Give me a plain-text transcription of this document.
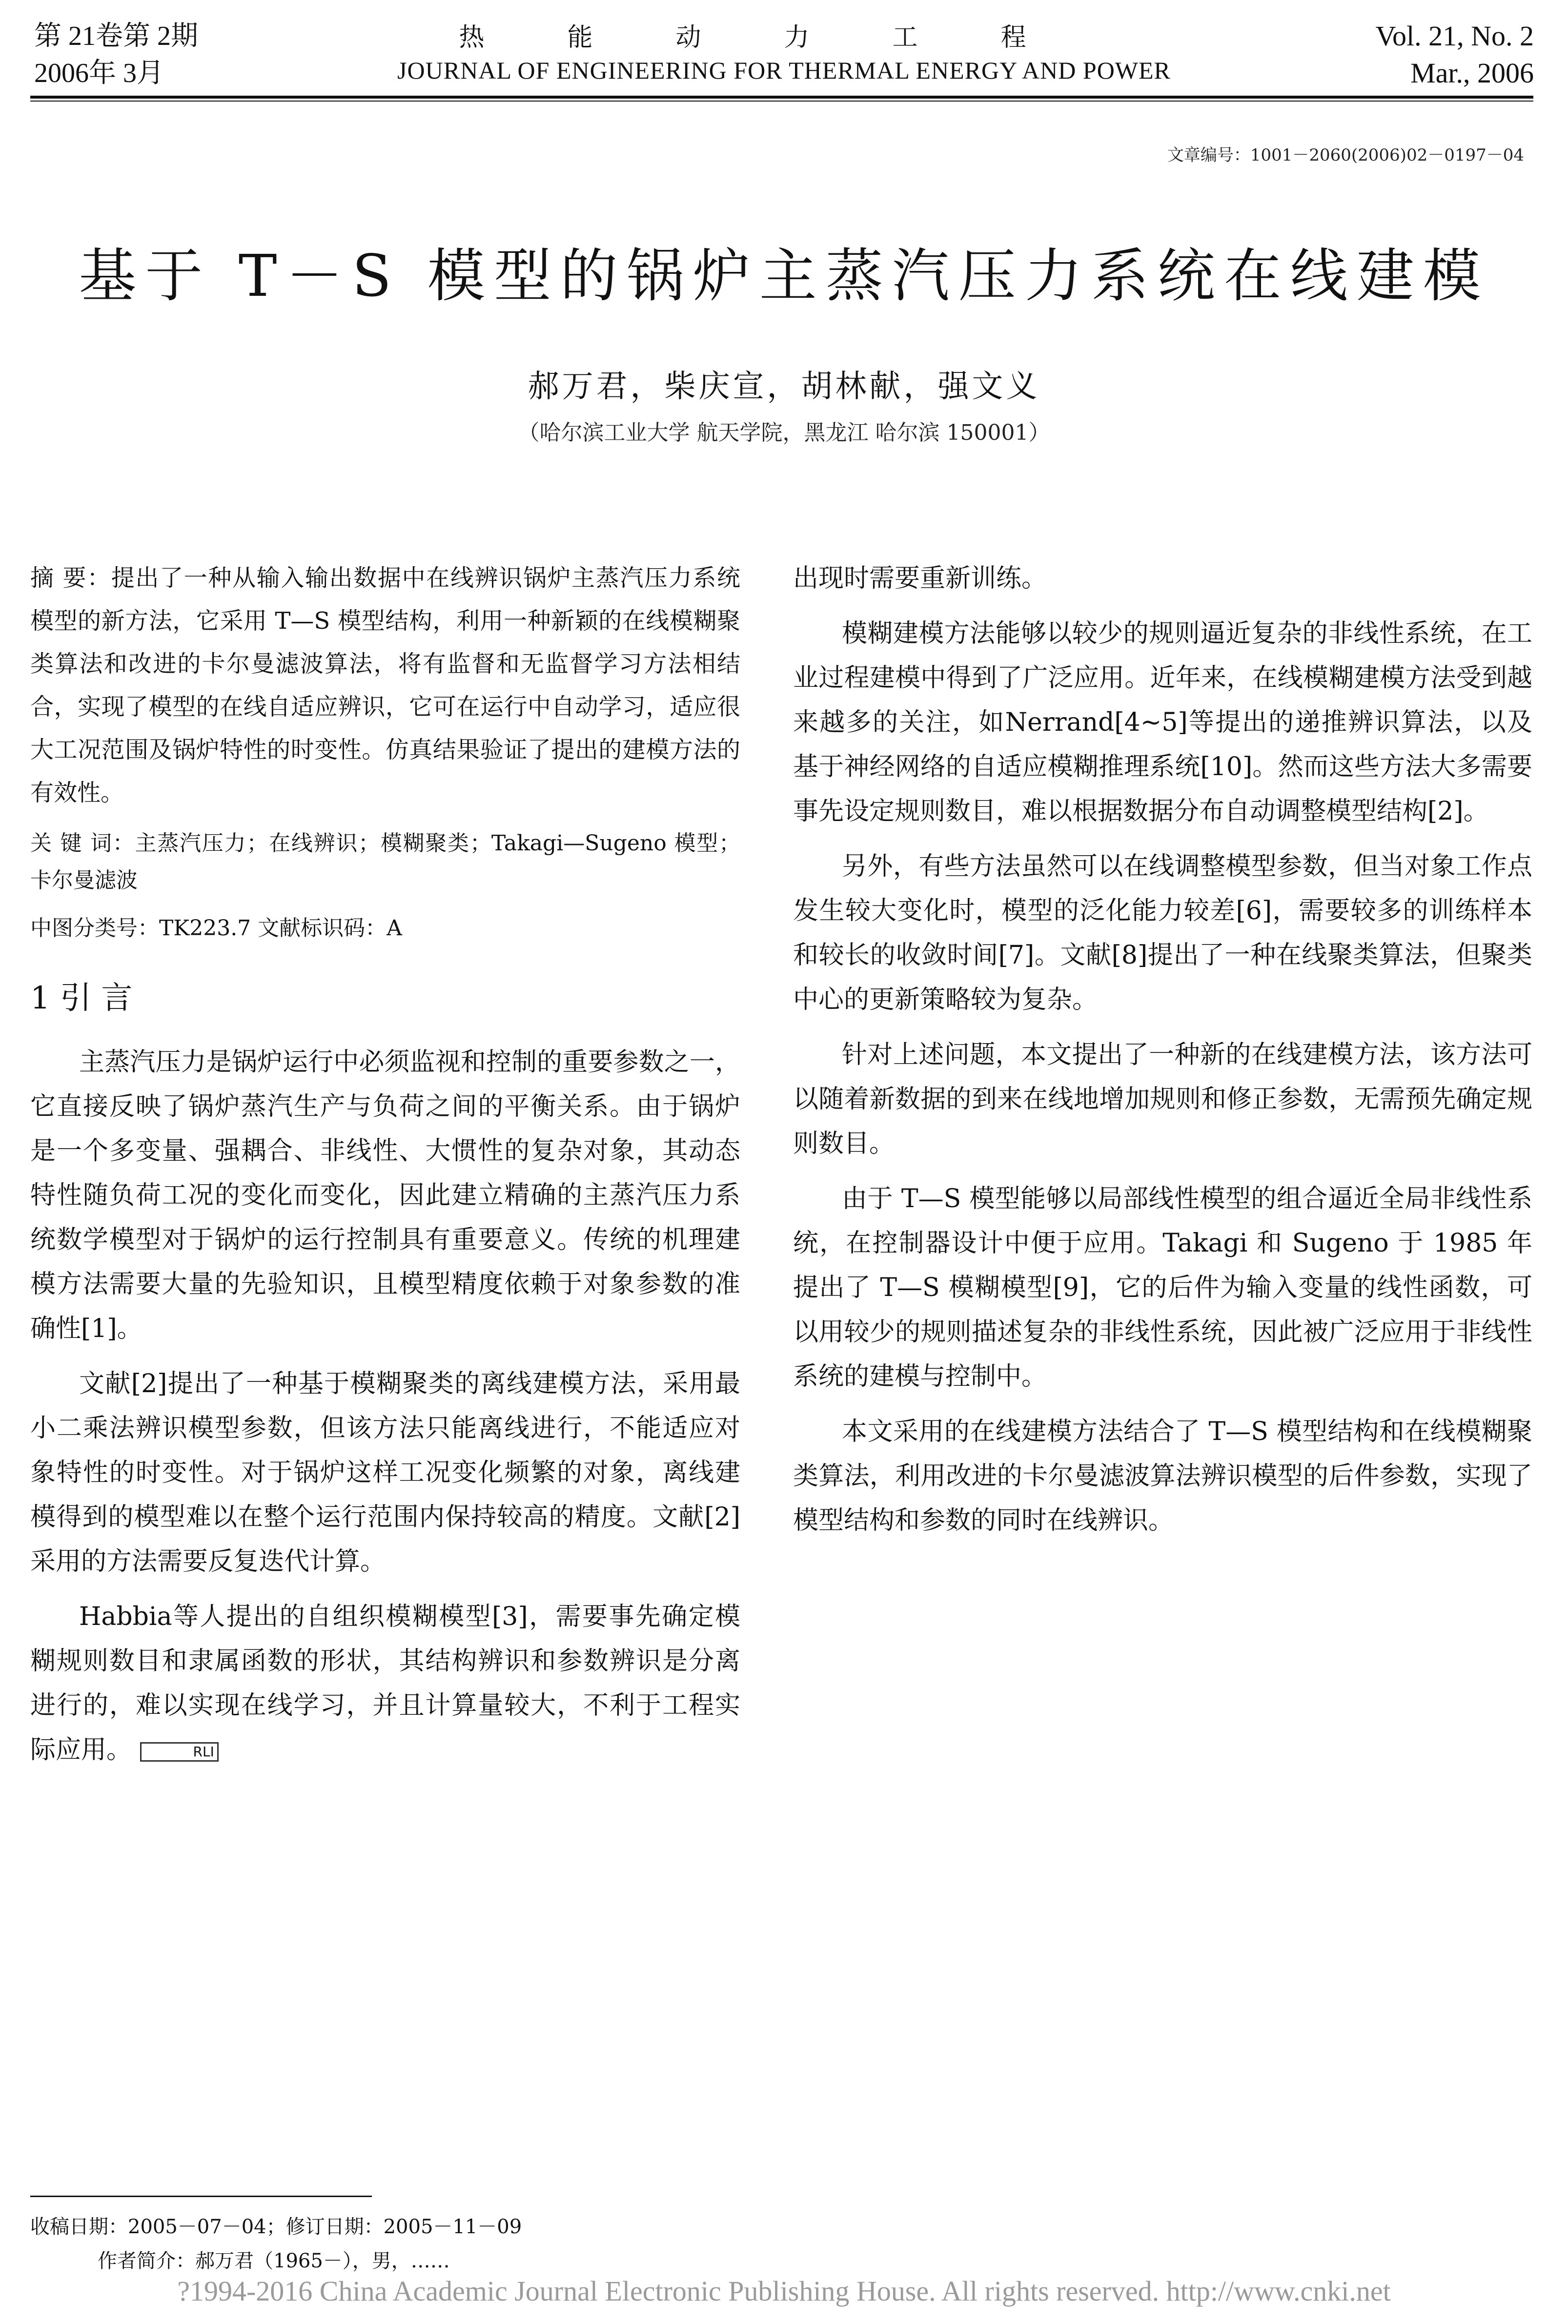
第 21卷第 2期
2006年 3月
热能动力工程
JOURNAL OF ENGINEERING FOR THERMAL ENERGY AND POWER
Vol. 21, No. 2
Mar., 2006
文章编号：1001－2060(2006)02－0197－04
基于 T－S 模型的锅炉主蒸汽压力系统在线建模
郝万君，柴庆宣，胡林献，强文义
（哈尔滨工业大学 航天学院，黑龙江 哈尔滨 150001）

摘 要：提出了一种从输入输出数据中在线辨识锅炉主蒸汽压力系统模型的新方法，它采用 T—S 模型结构，利用一种新颖的在线模糊聚类算法和改进的卡尔曼滤波算法，将有监督和无监督学习方法相结合，实现了模型的在线自适应辨识，它可在运行中自动学习，适应很大工况范围及锅炉特性的时变性。仿真结果验证了提出的建模方法的有效性。

关 键 词：主蒸汽压力；在线辨识；模糊聚类；Takagi—Sugeno 模型；卡尔曼滤波

中图分类号：TK223.7 文献标识码：A

1 引 言

主蒸汽压力是锅炉运行中必须监视和控制的重要参数之一，它直接反映了锅炉蒸汽生产与负荷之间的平衡关系。由于锅炉是一个多变量、强耦合、非线性、大惯性的复杂对象，其动态特性随负荷工况的变化而变化，因此建立精确的主蒸汽压力系统数学模型对于锅炉的运行控制具有重要意义。传统的机理建模方法需要大量的先验知识，且模型精度依赖于对象参数的准确性[1]。

文献[2]提出了一种基于模糊聚类的离线建模方法，采用最小二乘法辨识模型参数，但该方法只能离线进行，不能适应对象特性的时变性。对于锅炉这样工况变化频繁的对象，离线建模得到的模型难以在整个运行范围内保持较高的精度。文献[2]采用的方法需要反复迭代计算。

Habbia等人提出的自组织模糊模型[3]，需要事先确定模糊规则数目和隶属函数的形状，其结构辨识和参数辨识是分离进行的，难以实现在线学习，并且计算量较大，不利于工程实际应用。	RLI

出现时需要重新训练。

模糊建模方法能够以较少的规则逼近复杂的非线性系统，在工业过程建模中得到了广泛应用。近年来，在线模糊建模方法受到越来越多的关注，如Nerrand[4~5]等提出的递推辨识算法，以及基于神经网络的自适应模糊推理系统[10]。然而这些方法大多需要事先设定规则数目，难以根据数据分布自动调整模型结构[2]。

另外，有些方法虽然可以在线调整模型参数，但当对象工作点发生较大变化时，模型的泛化能力较差[6]，需要较多的训练样本和较长的收敛时间[7]。文献[8]提出了一种在线聚类算法，但聚类中心的更新策略较为复杂。

针对上述问题，本文提出了一种新的在线建模方法，该方法可以随着新数据的到来在线地增加规则和修正参数，无需预先确定规则数目。

由于 T—S 模型能够以局部线性模型的组合逼近全局非线性系统，在控制器设计中便于应用。Takagi 和 Sugeno 于 1985 年提出了 T—S 模糊模型[9]，它的后件为输入变量的线性函数，可以用较少的规则描述复杂的非线性系统，因此被广泛应用于非线性系统的建模与控制中。

本文采用的在线建模方法结合了 T—S 模型结构和在线模糊聚类算法，利用改进的卡尔曼滤波算法辨识模型的后件参数，实现了模型结构和参数的同时在线辨识。

收稿日期：2005－07－04；修订日期：2005－11－09
作者简介：郝万君（1965－），男，……
?1994-2016 China Academic Journal Electronic Publishing House. All rights reserved. http://www.cnki.net
